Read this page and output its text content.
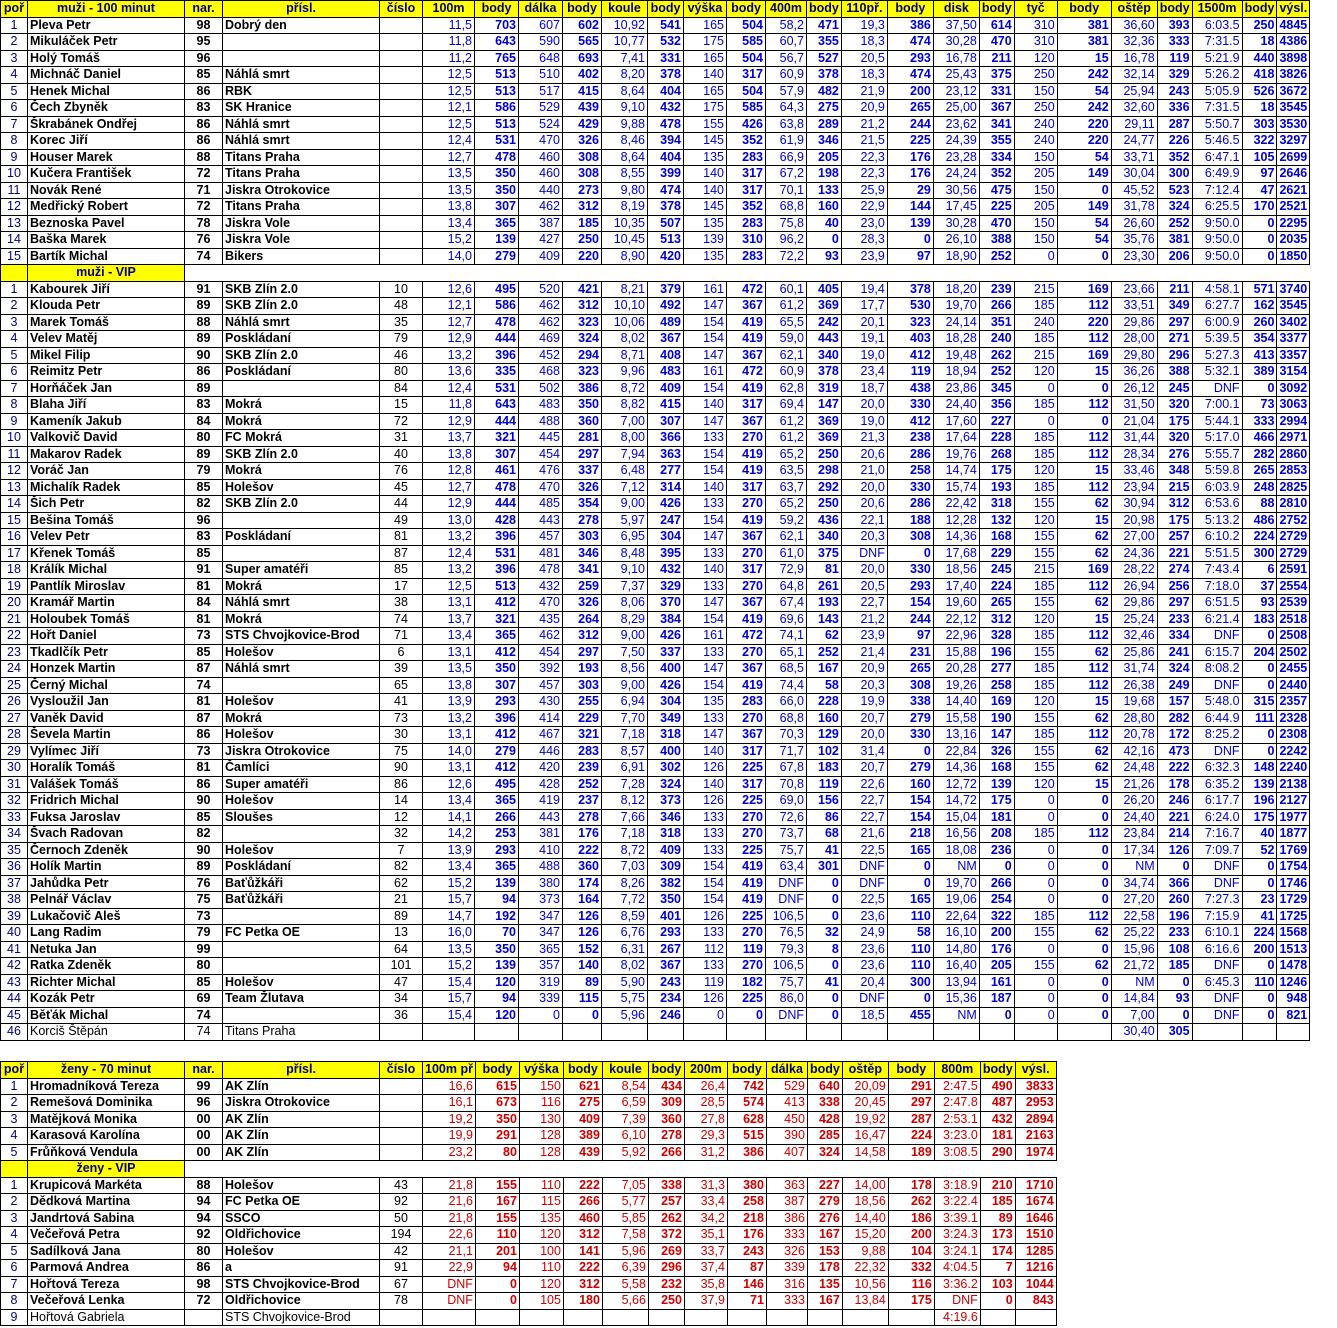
poř	muži - 100 minut	nar.	přísl.	číslo	100m	body	dálka	body	koule	body	výška	body	400m	body	110př.	body	disk	body	tyč	body	oštěp	body	1500m	body	výsl.
1	Pleva Petr	98	Dobrý den		11,5	703	607	602	10,92	541	165	504	58,2	471	19,3	386	37,50	614	310	381	36,60	393	6:03.5	250	4845
2	Mikuláček Petr	95			11,8	643	590	565	10,77	532	175	585	60,7	355	18,3	474	30,28	470	310	381	32,36	333	7:31.5	18	4386
3	Holý Tomáš	96			11,2	765	648	693	7,41	331	165	504	56,7	527	20,5	293	16,78	211	120	15	16,78	119	5:21.9	440	3898
4	Michnáč Daniel	85	Náhlá smrt		12,5	513	510	402	8,20	378	140	317	60,9	378	18,3	474	25,43	375	250	242	32,14	329	5:26.2	418	3826
5	Henek Michal	86	RBK		12,5	513	517	415	8,64	404	165	504	57,9	482	21,9	200	23,12	331	150	54	25,94	243	5:05.9	526	3672
6	Čech Zbyněk	83	SK Hranice		12,1	586	529	439	9,10	432	175	585	64,3	275	20,9	265	25,00	367	250	242	32,60	336	7:31.5	18	3545
7	Škrabánek Ondřej	86	Náhlá smrt		12,5	513	524	429	9,88	478	155	426	63,8	289	21,2	244	23,62	341	240	220	29,11	287	5:50.7	303	3530
8	Korec Jiří	86	Náhlá smrt		12,4	531	470	326	8,46	394	145	352	61,9	346	21,5	225	24,39	355	240	220	24,77	226	5:46.5	322	3297
9	Houser Marek	88	Titans Praha		12,7	478	460	308	8,64	404	135	283	66,9	205	22,3	176	23,28	334	150	54	33,71	352	6:47.1	105	2699
10	Kučera František	72	Titans Praha		13,5	350	460	308	8,55	399	140	317	67,2	198	22,3	176	24,24	352	205	149	30,04	300	6:49.9	97	2646
11	Novák René	71	Jiskra Otrokovice		13,5	350	440	273	9,80	474	140	317	70,1	133	25,9	29	30,56	475	150	0	45,52	523	7:12.4	47	2621
12	Medřický Robert	72	Titans Praha		13,8	307	462	312	8,19	378	145	352	68,8	160	22,9	144	17,45	225	205	149	31,78	324	6:25.5	170	2521
13	Beznoska Pavel	78	Jiskra Vole		13,4	365	387	185	10,35	507	135	283	75,8	40	23,0	139	30,28	470	150	54	26,60	252	9:50.0	0	2295
14	Baška Marek	76	Jiskra Vole		15,2	139	427	250	10,45	513	139	310	96,2	0	28,3	0	26,10	388	150	54	35,76	381	9:50.0	0	2035
15	Bartík Michal	74	Bikers		14,0	279	409	220	8,90	420	135	283	72,2	93	23,9	97	18,90	252	0	0	23,30	206	9:50.0	0	1850
	muži - VIP																								
1	Kabourek Jiří	91	SKB Zlín 2.0	10	12,6	495	520	421	8,21	379	161	472	60,1	405	19,4	378	18,20	239	215	169	23,66	211	4:58.1	571	3740
2	Klouda Petr	89	SKB Zlín 2.0	48	12,1	586	462	312	10,10	492	147	367	61,2	369	17,7	530	19,70	266	185	112	33,51	349	6:27.7	162	3545
3	Marek Tomáš	88	Náhlá smrt	35	12,7	478	462	323	10,06	489	154	419	65,5	242	20,1	323	24,14	351	240	220	29,86	297	6:00.9	260	3402
4	Velev Matěj	89	Poskládaní	79	12,9	444	469	324	8,02	367	154	419	59,0	443	19,1	403	18,28	240	185	112	28,00	271	5:39.5	354	3377
5	Mikel Filip	90	SKB Zlín 2.0	46	13,2	396	452	294	8,71	408	147	367	62,1	340	19,0	412	19,48	262	215	169	29,80	296	5:27.3	413	3357
6	Reimitz Petr	86	Poskládaní	80	13,6	335	468	323	9,96	483	161	472	60,9	378	23,4	119	18,94	252	120	15	36,26	388	5:32.1	389	3154
7	Horňáček Jan	89		84	12,4	531	502	386	8,72	409	154	419	62,8	319	18,7	438	23,86	345	0	0	26,12	245	DNF	0	3092
8	Blaha Jiří	83	Mokrá	15	11,8	643	483	350	8,82	415	140	317	69,4	147	20,0	330	24,40	356	185	112	31,50	320	7:00.1	73	3063
9	Kameník Jakub	84	Mokrá	72	12,9	444	488	360	7,00	307	147	367	61,2	369	19,0	412	17,60	227	0	0	21,04	175	5:44.1	333	2994
10	Valkovič David	80	FC Mokrá	31	13,7	321	445	281	8,00	366	133	270	61,2	369	21,3	238	17,64	228	185	112	31,44	320	5:17.0	466	2971
11	Makarov Radek	89	SKB Zlín 2.0	40	13,8	307	454	297	7,94	363	154	419	65,2	250	20,6	286	19,76	268	185	112	28,34	276	5:55.7	282	2860
12	Voráč Jan	79	Mokrá	76	12,8	461	476	337	6,48	277	154	419	63,5	298	21,0	258	14,74	175	120	15	33,46	348	5:59.8	265	2853
13	Michalík Radek	85	Holešov	45	12,7	478	470	326	7,12	314	140	317	63,7	292	20,0	330	15,74	193	185	112	23,94	215	6:03.9	248	2825
14	Šich Petr	82	SKB Zlín 2.0	44	12,9	444	485	354	9,00	426	133	270	65,2	250	20,6	286	22,42	318	155	62	30,94	312	6:53.6	88	2810
15	Bešina Tomáš	96		49	13,0	428	443	278	5,97	247	154	419	59,2	436	22,1	188	12,28	132	120	15	20,98	175	5:13.2	486	2752
16	Velev Petr	83	Poskládaní	81	13,2	396	457	303	6,95	304	147	367	62,1	340	20,3	308	14,36	168	155	62	27,00	257	6:10.2	224	2729
17	Křenek Tomáš	85		87	12,4	531	481	346	8,48	395	133	270	61,0	375	DNF	0	17,68	229	155	62	24,36	221	5:51.5	300	2729
18	Králík Michal	91	Super amatéři	85	13,2	396	478	341	9,10	432	140	317	72,9	81	20,0	330	18,56	245	215	169	28,22	274	7:43.4	6	2591
19	Pantlík Miroslav	81	Mokrá	17	12,5	513	432	259	7,37	329	133	270	64,8	261	20,5	293	17,40	224	185	112	26,94	256	7:18.0	37	2554
20	Kramář Martin	84	Náhlá smrt	38	13,1	412	470	326	8,06	370	147	367	67,4	193	22,7	154	19,60	265	155	62	29,86	297	6:51.5	93	2539
21	Holoubek Tomáš	81	Mokrá	74	13,7	321	435	264	8,29	384	154	419	69,6	143	21,2	244	22,12	312	120	15	25,24	233	6:21.4	183	2518
22	Hořt Daniel	73	STS Chvojkovice-Brod	71	13,4	365	462	312	9,00	426	161	472	74,1	62	23,9	97	22,96	328	185	112	32,46	334	DNF	0	2508
23	Tkadlčík Petr	85	Holešov	6	13,1	412	454	297	7,50	337	133	270	65,1	252	21,4	231	15,88	196	155	62	25,86	241	6:15.7	204	2502
24	Honzek Martin	87	Náhlá smrt	39	13,5	350	392	193	8,56	400	147	367	68,5	167	20,9	265	20,28	277	185	112	31,74	324	8:08.2	0	2455
25	Černý Michal	74		65	13,8	307	457	303	9,00	426	154	419	74,4	58	20,3	308	19,26	258	185	112	26,38	249	DNF	0	2440
26	Vysloužil Jan	81	Holešov	41	13,9	293	430	255	6,94	304	135	283	66,0	228	19,9	338	14,40	169	120	15	19,68	157	5:48.0	315	2357
27	Vaněk David	87	Mokrá	73	13,2	396	414	229	7,70	349	133	270	68,8	160	20,7	279	15,58	190	155	62	28,80	282	6:44.9	111	2328
28	Ševela Martin	86	Holešov	30	13,1	412	467	321	7,18	318	147	367	70,3	129	20,0	330	13,16	147	185	112	20,78	172	8:25.2	0	2308
29	Vylímec Jiří	73	Jiskra Otrokovice	75	14,0	279	446	283	8,57	400	140	317	71,7	102	31,4	0	22,84	326	155	62	42,16	473	DNF	0	2242
30	Horalík Tomáš	81	Čamlíci	90	13,1	412	420	239	6,91	302	126	225	67,8	183	20,7	279	14,36	168	155	62	24,48	222	6:32.3	148	2240
31	Valášek Tomáš	86	Super amatéři	86	12,6	495	428	252	7,28	324	140	317	70,8	119	22,6	160	12,72	139	120	15	21,26	178	6:35.2	139	2138
32	Fridrich Michal	90	Holešov	14	13,4	365	419	237	8,12	373	126	225	69,0	156	22,7	154	14,72	175	0	0	26,20	246	6:17.7	196	2127
33	Fuksa Jaroslav	85	Sloušes	12	14,1	266	443	278	7,66	346	133	270	72,6	86	22,7	154	15,04	181	0	0	24,40	221	6:24.0	175	1977
34	Švach Radovan	82		32	14,2	253	381	176	7,18	318	133	270	73,7	68	21,6	218	16,56	208	185	112	23,84	214	7:16.7	40	1877
35	Černoch Zdeněk	90	Holešov	7	13,9	293	410	222	8,72	409	133	225	75,7	41	22,5	165	18,08	236	0	0	17,34	126	7:09.7	52	1769
36	Holík Martin	89	Poskládaní	82	13,4	365	488	360	7,03	309	154	419	63,4	301	DNF	0	NM	0	0	0	NM	0	DNF	0	1754
37	Jahůdka Petr	76	Baťůžkáři	62	15,2	139	380	174	8,26	382	154	419	DNF	0	DNF	0	19,70	266	0	0	34,74	366	DNF	0	1746
38	Pelnář Václav	75	Baťůžkáři	21	15,7	94	373	164	7,72	350	154	419	DNF	0	22,5	165	19,06	254	0	0	27,20	260	7:27.3	23	1729
39	Lukačovič Aleš	73		89	14,7	192	347	126	8,59	401	126	225	106,5	0	23,6	110	22,64	322	185	112	22,58	196	7:15.9	41	1725
40	Lang Radim	79	FC Petka OE	13	16,0	70	347	126	6,76	293	133	270	76,5	32	24,9	58	16,10	200	155	62	25,22	233	6:10.1	224	1568
41	Netuka Jan	99		64	13,5	350	365	152	6,31	267	112	119	79,3	8	23,6	110	14,80	176	0	0	15,96	108	6:16.6	200	1513
42	Ratka Zdeněk	80		101	15,2	139	357	140	8,02	367	133	270	106,5	0	23,6	110	16,40	205	155	62	21,72	185	DNF	0	1478
43	Richter Michal	85	Holešov	47	15,4	120	319	89	5,90	243	119	182	75,7	41	20,4	300	13,94	161	0	0	NM	0	6:45.3	110	1246
44	Kozák Petr	69	Team Žlutava	34	15,7	94	339	115	5,75	234	126	225	86,0	0	DNF	0	15,36	187	0	0	14,84	93	DNF	0	948
45	Běťák Michal	74		36	15,4	120	0	0	5,96	246	0	0	DNF	0	18,5	455	NM	0	0	0	7,00	0	DNF	0	821
46	Korciš Štěpán	74	Titans Praha																		30,40	305			
poř	ženy - 70 minut	nar.	přísl.	číslo	100m př	body	výška	body	koule	body	200m	body	dálka	body	oštěp	body	800m	body	výsl.
1	Hromadníková Tereza	99	AK Zlín		16,6	615	150	621	8,54	434	26,4	742	529	640	20,09	291	2:47.5	490	3833
2	Remešová Dominika	96	Jiskra Otrokovice		16,1	673	116	275	6,59	309	28,5	574	413	338	20,45	297	2:47.8	487	2953
3	Matějková Monika	00	AK Zlín		19,2	350	130	409	7,39	360	27,8	628	450	428	19,92	287	2:53.1	432	2894
4	Karasová Karolína	00	AK Zlín		19,9	291	128	389	6,10	278	29,3	515	390	285	16,47	224	3:23.0	181	2163
5	Frůňková Vendula	00	AK Zlín		23,2	80	128	439	5,92	266	31,2	386	407	324	14,58	189	3:08.5	290	1974
	ženy - VIP																		
1	Krupicová Markéta	88	Holešov	43	21,8	155	110	222	7,05	338	31,3	380	363	227	14,00	178	3:18.9	210	1710
2	Dědková Martina	94	FC Petka OE	92	21,6	167	115	266	5,77	257	33,4	258	387	279	18,56	262	3:22.4	185	1674
3	Jandrtová Sabina	94	SSCO	50	21,8	155	135	460	5,85	262	34,2	218	386	276	14,40	186	3:39.1	89	1646
4	Večeřová Petra	92	Oldřichovice	194	22,6	110	120	312	7,58	372	35,1	176	333	167	15,20	200	3:24.3	173	1510
5	Sadílková Jana	80	Holešov	42	21,1	201	100	141	5,96	269	33,7	243	326	153	9,88	104	3:24.1	174	1285
6	Parmová Andrea	86	a	91	22,9	94	110	222	6,39	296	37,4	87	339	178	22,32	332	4:04.5	7	1216
7	Hořtová Tereza	98	STS Chvojkovice-Brod	67	DNF	0	120	312	5,58	232	35,8	146	316	135	10,56	116	3:36.2	103	1044
8	Večeřová Lenka	72	Oldřichovice	78	DNF	0	105	180	5,66	250	37,9	71	333	167	13,84	175	DNF	0	843
9	Hořtová Gabriela		STS Chvojkovice-Brod														4:19.6		
